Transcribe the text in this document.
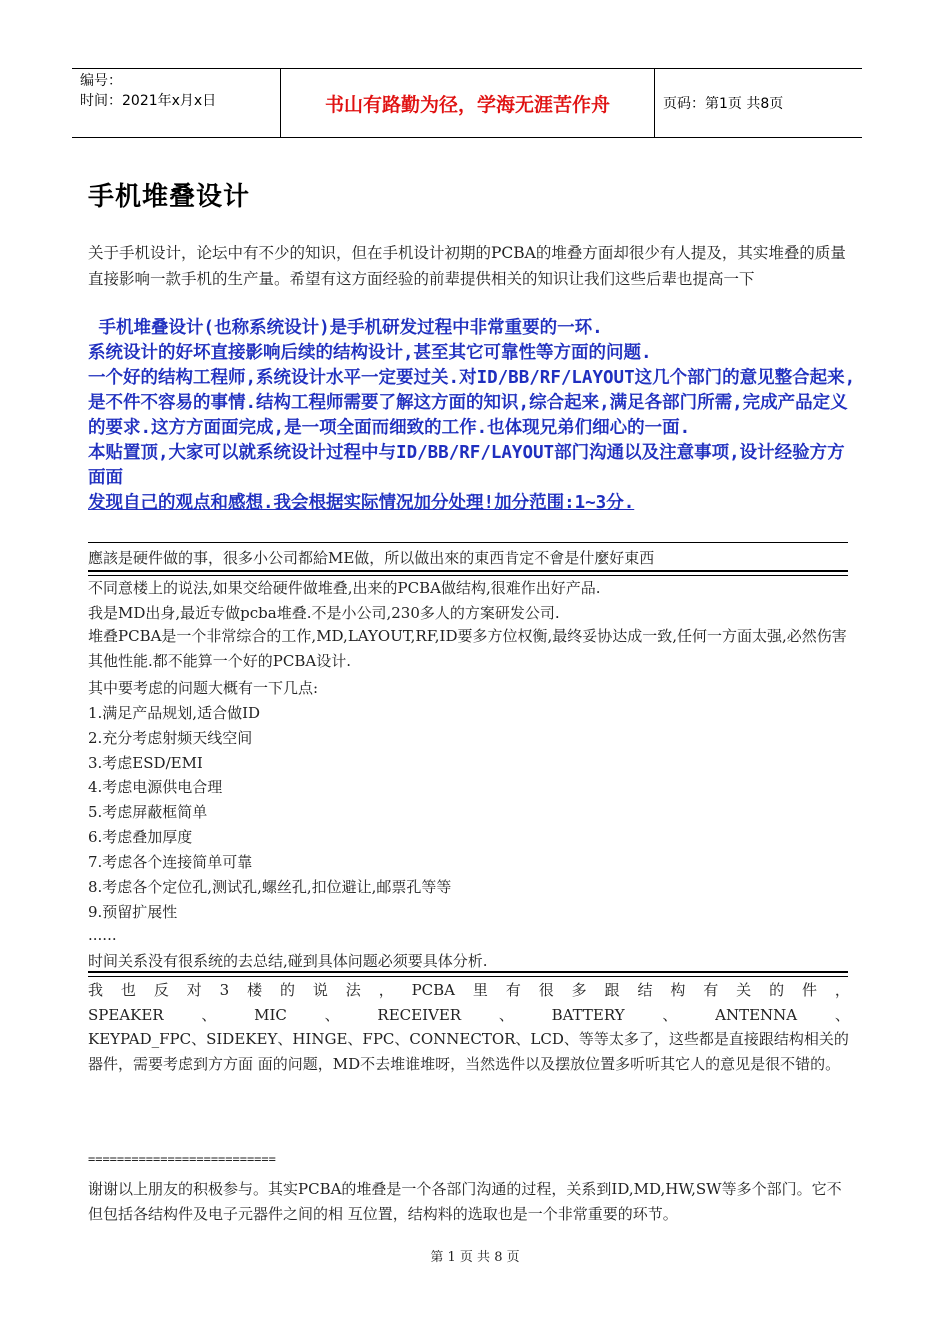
编号：
时间：2021年x月x日	书山有路勤为径，学海无涯苦作舟	页码：第1页 共8页
手机堆叠设计
关于手机设计，论坛中有不少的知识，但在手机设计初期的PCBA的堆叠方面却很少有人提及，其实堆叠的质量直接影响一款手机的生产量。希望有这方面经验的前辈提供相关的知识让我们这些后辈也提高一下

手机堆叠设计(也称系统设计)是手机研发过程中非常重要的一环.

系统设计的好坏直接影响后续的结构设计,甚至其它可靠性等方面的问题.

一个好的结构工程师,系统设计水平一定要过关.对ID/BB/RF/LAYOUT这几个部门的意见整合起来,是不件不容易的事情.结构工程师需要了解这方面的知识,综合起来,满足各部门所需,完成产品定义的要求.这方方面面完成,是一项全面而细致的工作.也体现兄弟们细心的一面.

本贴置顶,大家可以就系统设计过程中与ID/BB/RF/LAYOUT部门沟通以及注意事项,设计经验方方面面

发现自己的观点和感想.我会根据实际情况加分处理!加分范围:1~3分.

應該是硬件做的事，很多小公司都給ME做，所以做出來的東西肯定不會是什麼好東西
不同意楼上的说法,如果交给硬件做堆叠,出来的PCBA做结构,很难作出好产品.
我是MD出身,最近专做pcba堆叠.不是小公司,230多人的方案研发公司.
堆叠PCBA是一个非常综合的工作,MD,LAYOUT,RF,ID要多方位权衡,最终妥协达成一致,任何一方面太强,必然伤害其他性能.都不能算一个好的PCBA设计.
其中要考虑的问题大概有一下几点:
1.满足产品规划,适合做ID
2.充分考虑射频天线空间
3.考虑ESD/EMI
4.考虑电源供电合理
5.考虑屏蔽框简单
6.考虑叠加厚度
7.考虑各个连接简单可靠
8.考虑各个定位孔,测试孔,螺丝孔,扣位避让,邮票孔等等
9.预留扩展性
......
时间关系没有很系统的去总结,碰到具体问题必须要具体分析.
我 也 反 对 3 楼 的 说 法 ， PCBA 里 有 很 多 跟 结 构 有 关 的 件 ，
SPEAKER	、	MIC	、	RECEIVER	、	BATTERY	、	ANTENNA	、
KEYPAD_FPC、SIDEKEY、HINGE、FPC、CONNECTOR、LCD、等等太多了，这些都是直接跟结构相关的器件，需要考虑到方方面 面的问题，MD不去堆谁堆呀，当然选件以及摆放位置多听听其它人的意见是很不错的。
==========================
谢谢以上朋友的积极参与。其实PCBA的堆叠是一个各部门沟通的过程，关系到ID,MD,HW,SW等多个部门。它不但包括各结构件及电子元器件之间的相 互位置，结构料的选取也是一个非常重要的环节。
第 1 页 共 8 页
